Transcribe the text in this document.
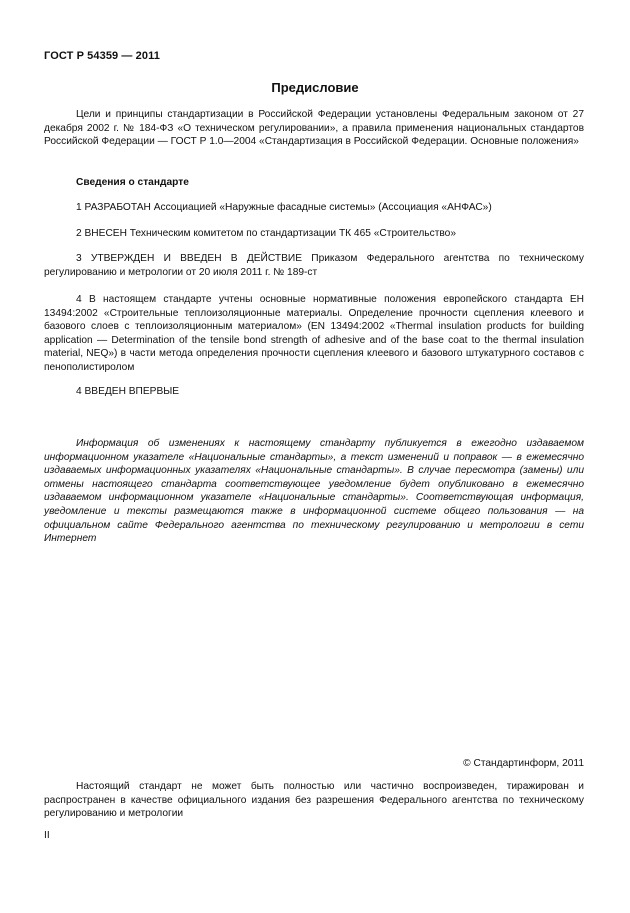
ГОСТ Р 54359 — 2011
Предисловие

Цели и принципы стандартизации в Российской Федерации установлены Федеральным законом от 27 декабря 2002 г. № 184-ФЗ «О техническом регулировании», а правила применения национальных стандартов Российской Федерации — ГОСТ Р 1.0—2004 «Стандартизация в Российской Федерации. Основные положения»

Сведения о стандарте

1 РАЗРАБОТАН Ассоциацией «Наружные фасадные системы» (Ассоциация «АНФАС»)

2 ВНЕСЕН Техническим комитетом по стандартизации ТК 465 «Строительство»

3 УТВЕРЖДЕН И ВВЕДЕН В ДЕЙСТВИЕ Приказом Федерального агентства по техническому регулированию и метрологии от 20 июля 2011 г. № 189-ст

4 В настоящем стандарте учтены основные нормативные положения европейского стандарта ЕН 13494:2002 «Строительные теплоизоляционные материалы. Определение прочности сцепления клеевого и базового слоев с теплоизоляционным материалом» (EN 13494:2002 «Thermal insulation products for building application — Determination of the tensile bond strength of adhesive and of the base coat to the thermal insulation material, NEQ») в части метода определения прочности сцепления клеевого и базового штукатурного составов с пенополистиролом

4 ВВЕДЕН ВПЕРВЫЕ

Информация об изменениях к настоящему стандарту публикуется в ежегодно издаваемом информационном указателе «Национальные стандарты», а текст изменений и поправок — в ежемесячно издаваемых информационных указателях «Национальные стандарты». В случае пересмотра (замены) или отмены настоящего стандарта соответствующее уведомление будет опубликовано в ежемесячно издаваемом информационном указателе «Национальные стандарты». Соответствующая информация, уведомление и тексты размещаются также в информационной системе общего пользования — на официальном сайте Федерального агентства по техническому регулированию и метрологии в сети Интернет

© Стандартинформ, 2011

Настоящий стандарт не может быть полностью или частично воспроизведен, тиражирован и распространен в качестве официального издания без разрешения Федерального агентства по техническому регулированию и метрологии

II
